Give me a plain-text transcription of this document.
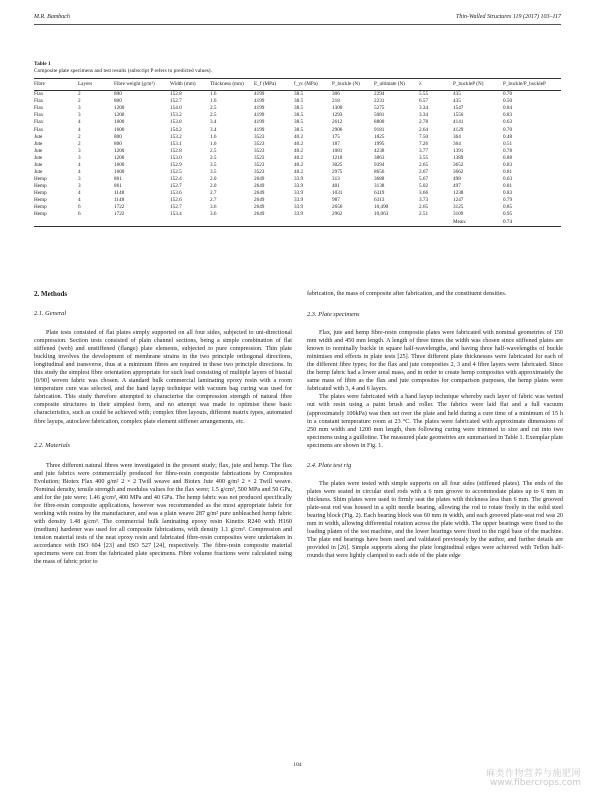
M.R. Bambach	Thin-Walled Structures 119 (2017) 103–117
Table 1
Composite plate specimens and test results (subscript P refers to predicted values).
Fibre	Layers	Fibre weight (g/m²)	Width (mm)	Thickness (mm)	E_f (MPa)	f_yc (MPa)	P_buckle (N)	P_ultimate (N)	λ	P_buckleP (N)	P_buckle/P_buckleP
Flax	2	800	152.8	1.6	4199	38.5	306	2294	5.55	435	0.70
Flax	2	800	152.7	1.6	4199	38.5	218	2231	6.57	435	0.50
Flax	3	1200	154.0	2.5	4199	38.5	1300	5275	3.34	1547	0.84
Flax	3	1200	153.2	2.5	4199	38.5	1293	5081	3.34	1556	0.83
Flax	4	1600	153.8	3.4	4199	38.5	2612	8800	2.78	4141	0.63
Flax	4	1600	154.2	3.4	4199	38.5	2906	9181	2.64	4129	0.70
Jute	2	800	153.2	1.6	3523	40.2	175	1825	7.50	364	0.48
Jute	2	800	153.1	1.6	3523	40.2	187	1995	7.26	364	0.51
Jute	3	1200	152.8	2.5	3523	40.2	1081	4238	3.77	1391	0.78
Jute	3	1200	153.0	2.5	3523	40.2	1218	3863	3.55	1389	0.88
Jute	4	1600	152.9	3.5	3523	40.2	3025	9394	2.65	3652	0.83
Jute	4	1600	152.5	3.5	3523	40.2	2975	8656	2.67	3662	0.81
Hemp	3	861	152.4	2.0	2649	33.9	313	3688	5.67	498	0.63
Hemp	3	861	152.7	2.0	2649	33.9	401	3138	5.02	497	0.81
Hemp	4	1148	153.6	2.7	2649	33.9	1031	6319	3.66	1238	0.83
Hemp	4	1148	152.6	2.7	2649	33.9	987	6313	3.73	1247	0.79
Hemp	6	1722	152.7	3.6	2649	33.9	2656	10,490	2.65	3125	0.85
Hemp	6	1722	153.4	3.6	2649	33.9	2962	10,063	2.51	3109	0.95
										Mean:	0.74
2. Methods
2.1. General

Plate tests consisted of flat plates simply supported on all four sides, subjected to uni-directional compression. Section tests consisted of plain channel sections, being a simple combination of flat stiffened (web) and unstiffened (flange) plate elements, subjected to pure compression. Thin plate buckling involves the development of membrane strains in the two principle orthogonal directions, longitudinal and transverse, thus at a minimum fibres are required in these two principle directions. In this study the simplest fibre orientation appropriate for such load consisting of multiple layers of biaxial [0/90] woven fabric was chosen. A standard bulk commercial laminating epoxy resin with a room temperature cure was selected, and the hand layup technique with vacuum bag curing was used for fabrication. This study therefore attempted to characterise the compression strength of natural fibre composite structures in their simplest form, and no attempt was made to optimise these basic characteristics, such as could be achieved with; complex fibre layouts, different matrix types, automated fibre layups, autoclave fabrication, complex plate element stiffener arrangements, etc.

2.2. Materials

Three different natural fibres were investigated in the present study; flax, jute and hemp. The flax and jute fabrics were commercially produced for fibre-resin composite fabrications by Composites Evolution; Biotex Flax 400 g/m² 2 × 2 Twill weave and Biotex Jute 400 g/m² 2 × 2 Twill weave. Nominal density, tensile strength and modulus values for the flax were; 1.5 g/cm³, 500 MPa and 50 GPa, and for the jute were; 1.46 g/cm³, 400 MPa and 40 GPa. The hemp fabric was not produced specifically for fibre-resin composite applications, however was recommended as the most appropriate fabric for working with resins by the manufacturer, and was a plain weave 287 g/m² pure unbleached hemp fabric with density 1.48 g/cm³. The commercial bulk laminating epoxy resin Kinetix R240 with H160 (medium) hardener was used for all composite fabrications, with density 1.1 g/cm³. Compression and tension material tests of the neat epoxy resin and fabricated fibre-resin composites were undertaken in accordance with ISO 604 [23] and ISO 527 [24], respectively. The fibre-resin composite material specimens were cut from the fabricated plate specimens. Fibre volume fractions were calculated using the mass of fabric prior to

fabrication, the mass of composite after fabrication, and the constituent densities.

2.3. Plate specimens

Flax, jute and hemp fibre-resin composite plates were fabricated with nominal geometries of 150 mm width and 450 mm length. A length of three times the width was chosen since stiffened plates are known to nominally buckle in square half-wavelengths, and having three half-wavelengths of buckle minimises end effects in plate tests [25]. Three different plate thicknesses were fabricated for each of the different fibre types; for the flax and jute composites 2, 3 and 4 fibre layers were fabricated. Since the hemp fabric had a lower areal mass, and in order to create hemp composites with approximately the same mass of fibre as the flax and jute composites for comparison purposes, the hemp plates were fabricated with 3, 4 and 6 layers.

The plates were fabricated with a hand layup technique whereby each layer of fabric was wetted out with resin using a paint brush and roller. The fabrics were laid flat and a full vacuum (approximately 100kPa) was then set over the plate and held during a cure time of a minimum of 15 h in a constant temperature room at 23 °C. The plates were fabricated with approximate dimensions of 250 mm width and 1200 mm length, then following curing were trimmed to size and cut into two specimens using a guillotine. The measured plate geometries are summarised in Table 1. Exemplar plate specimens are shown in Fig. 1.

2.4. Plate test rig

The plates were tested with simple supports on all four sides (stiffened plates). The ends of the plates were seated in circular steel rods with a 6 mm groove to accommodate plates up to 6 mm in thickness. Shim plates were used to firmly seat the plates with thickness less than 6 mm. The grooved plate-seat rod was housed in a split needle bearing, allowing the rod to rotate freely in the solid steel bearing block (Fig. 2). Each bearing block was 60 mm in width, and each grooved plate-seat rod was 20 mm in width, allowing differential rotation across the plate width. The upper bearings were fixed to the loading platen of the test machine, and the lower bearings were fixed to the rigid base of the machine. The plate end bearings have been used and validated previously by the author, and further details are provided in [26]. Simple supports along the plate longitudinal edges were achieved with Teflon half-rounds that were lightly clamped to each side of the plate edge

104
麻类作物营养与施肥网
www.fibercrops.com
